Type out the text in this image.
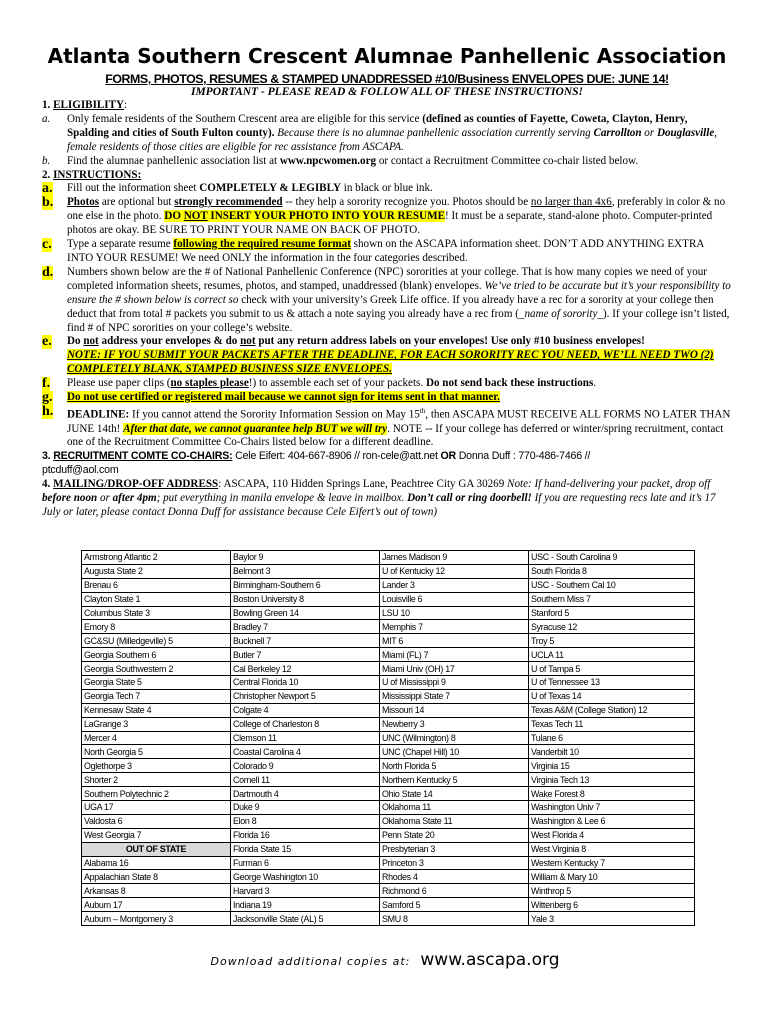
Atlanta Southern Crescent Alumnae Panhellenic Association
FORMS, PHOTOS, RESUMES & STAMPED UNADDRESSED #10/Business ENVELOPES DUE: JUNE 14!
IMPORTANT - PLEASE READ & FOLLOW ALL OF THESE INSTRUCTIONS!
1. ELIGIBILITY:
a. Only female residents of the Southern Crescent area are eligible for this service (defined as counties of Fayette, Coweta, Clayton, Henry, Spalding and cities of South Fulton county). Because there is no alumnae panhellenic association currently serving Carrollton or Douglasville, female residents of those cities are eligible for rec assistance from ASCAPA.
b. Find the alumnae panhellenic association list at www.npcwomen.org or contact a Recruitment Committee co-chair listed below.
2. INSTRUCTIONS:
a. Fill out the information sheet COMPLETELY & LEGIBLY in black or blue ink.
b. Photos are optional but strongly recommended -- they help a sorority recognize you. Photos should be no larger than 4x6, preferably in color & no one else in the photo. DO NOT INSERT YOUR PHOTO INTO YOUR RESUME! It must be a separate, stand-alone photo. Computer-printed photos are okay. BE SURE TO PRINT YOUR NAME ON BACK OF PHOTO.
c. Type a separate resume following the required resume format shown on the ASCAPA information sheet. DON’T ADD ANYTHING EXTRA INTO YOUR RESUME! We need ONLY the information in the four categories described.
d. Numbers shown below are the # of National Panhellenic Conference (NPC) sororities at your college. That is how many copies we need of your completed information sheets, resumes, photos, and stamped, unaddressed (blank) envelopes. We’ve tried to be accurate but it’s your responsibility to ensure the # shown below is correct so check with your university’s Greek Life office. If you already have a rec for a sorority at your college then deduct that from total # packets you submit to us & attach a note saying you already have a rec from (_name of sorority_). If your college isn’t listed, find # of NPC sororities on your college’s website.
e. Do not address your envelopes & do not put any return address labels on your envelopes! Use only #10 business envelopes!
NOTE: IF YOU SUBMIT YOUR PACKETS AFTER THE DEADLINE, FOR EACH SORORITY REC YOU NEED, WE’LL NEED TWO (2) COMPLETELY BLANK, STAMPED BUSINESS SIZE ENVELOPES.
f. Please use paper clips (no staples please!) to assemble each set of your packets. Do not send back these instructions.
g. Do not use certified or registered mail because we cannot sign for items sent in that manner.
h. DEADLINE: If you cannot attend the Sorority Information Session on May 15th, then ASCAPA MUST RECEIVE ALL FORMS NO LATER THAN JUNE 14th! After that date, we cannot guarantee help BUT we will try. NOTE -- If your college has deferred or winter/spring recruitment, contact one of the Recruitment Committee Co-Chairs listed below for a different deadline.
3. RECRUITMENT COMTE CO-CHAIRS: Cele Eifert: 404-667-8906 // ron-cele@att.net OR Donna Duff : 770-486-7466 //
ptcduff@aol.com
4. MAILING/DROP-OFF ADDRESS: ASCAPA, 110 Hidden Springs Lane, Peachtree City GA 30269 Note: If hand-delivering your packet, drop off before noon or after 4pm; put everything in manila envelope & leave in mailbox. Don’t call or ring doorbell! If you are requesting recs late and it’s 17 July or later, please contact Donna Duff for assistance because Cele Eifert’s out of town)
Armstrong Atlantic 2	Baylor 9	James Madison 9	USC - South Carolina 9
Augusta State 2	Belmont 3	U of Kentucky 12	South Florida 8
Brenau 6	Birmingham-Southern 6	Lander 3	USC - Southern Cal 10
Clayton State 1	Boston University 8	Louisville 6	Southern Miss 7
Columbus State 3	Bowling Green 14	LSU 10	Stanford 5
Emory 8	Bradley 7	Memphis 7	Syracuse 12
GC&SU (Milledgeville) 5	Bucknell 7	MIT 6	Troy 5
Georgia Southern 6	Butler 7	Miami (FL) 7	UCLA 11
Georgia Southwestern 2	Cal Berkeley 12	Miami Univ (OH) 17	U of Tampa 5
Georgia State 5	Central Florida 10	U of Mississippi 9	U of Tennessee 13
Georgia Tech 7	Christopher Newport 5	Mississippi State 7	U of Texas 14
Kennesaw State 4	Colgate 4	Missouri 14	Texas A&M (College Station) 12
LaGrange 3	College of Charleston 8	Newberry 3	Texas Tech 11
Mercer 4	Clemson 11	UNC (Wilmington) 8	Tulane 6
North Georgia 5	Coastal Carolina 4	UNC (Chapel Hill) 10	Vanderbilt 10
Oglethorpe 3	Colorado 9	North Florida 5	Virginia 15
Shorter 2	Cornell 11	Northern Kentucky 5	Virginia Tech 13
Southern Polytechnic 2	Dartmouth 4	Ohio State 14	Wake Forest 8
UGA 17	Duke 9	Oklahoma 11	Washington Univ 7
Valdosta 6	Elon 8	Oklahoma State 11	Washington & Lee 6
West Georgia 7	Florida 16	Penn State 20	West Florida 4
OUT OF STATE	Florida State 15	Presbyterian 3	West Virginia 8
Alabama 16	Furman 6	Princeton 3	Western Kentucky 7
Appalachian State 8	George Washington 10	Rhodes 4	William & Mary 10
Arkansas 8	Harvard 3	Richmond 6	Winthrop 5
Auburn 17	Indiana 19	Samford 5	Wittenberg 6
Auburn – Montgomery 3	Jacksonville State (AL) 5	SMU 8	Yale 3
Download additional copies at: www.ascapa.org
